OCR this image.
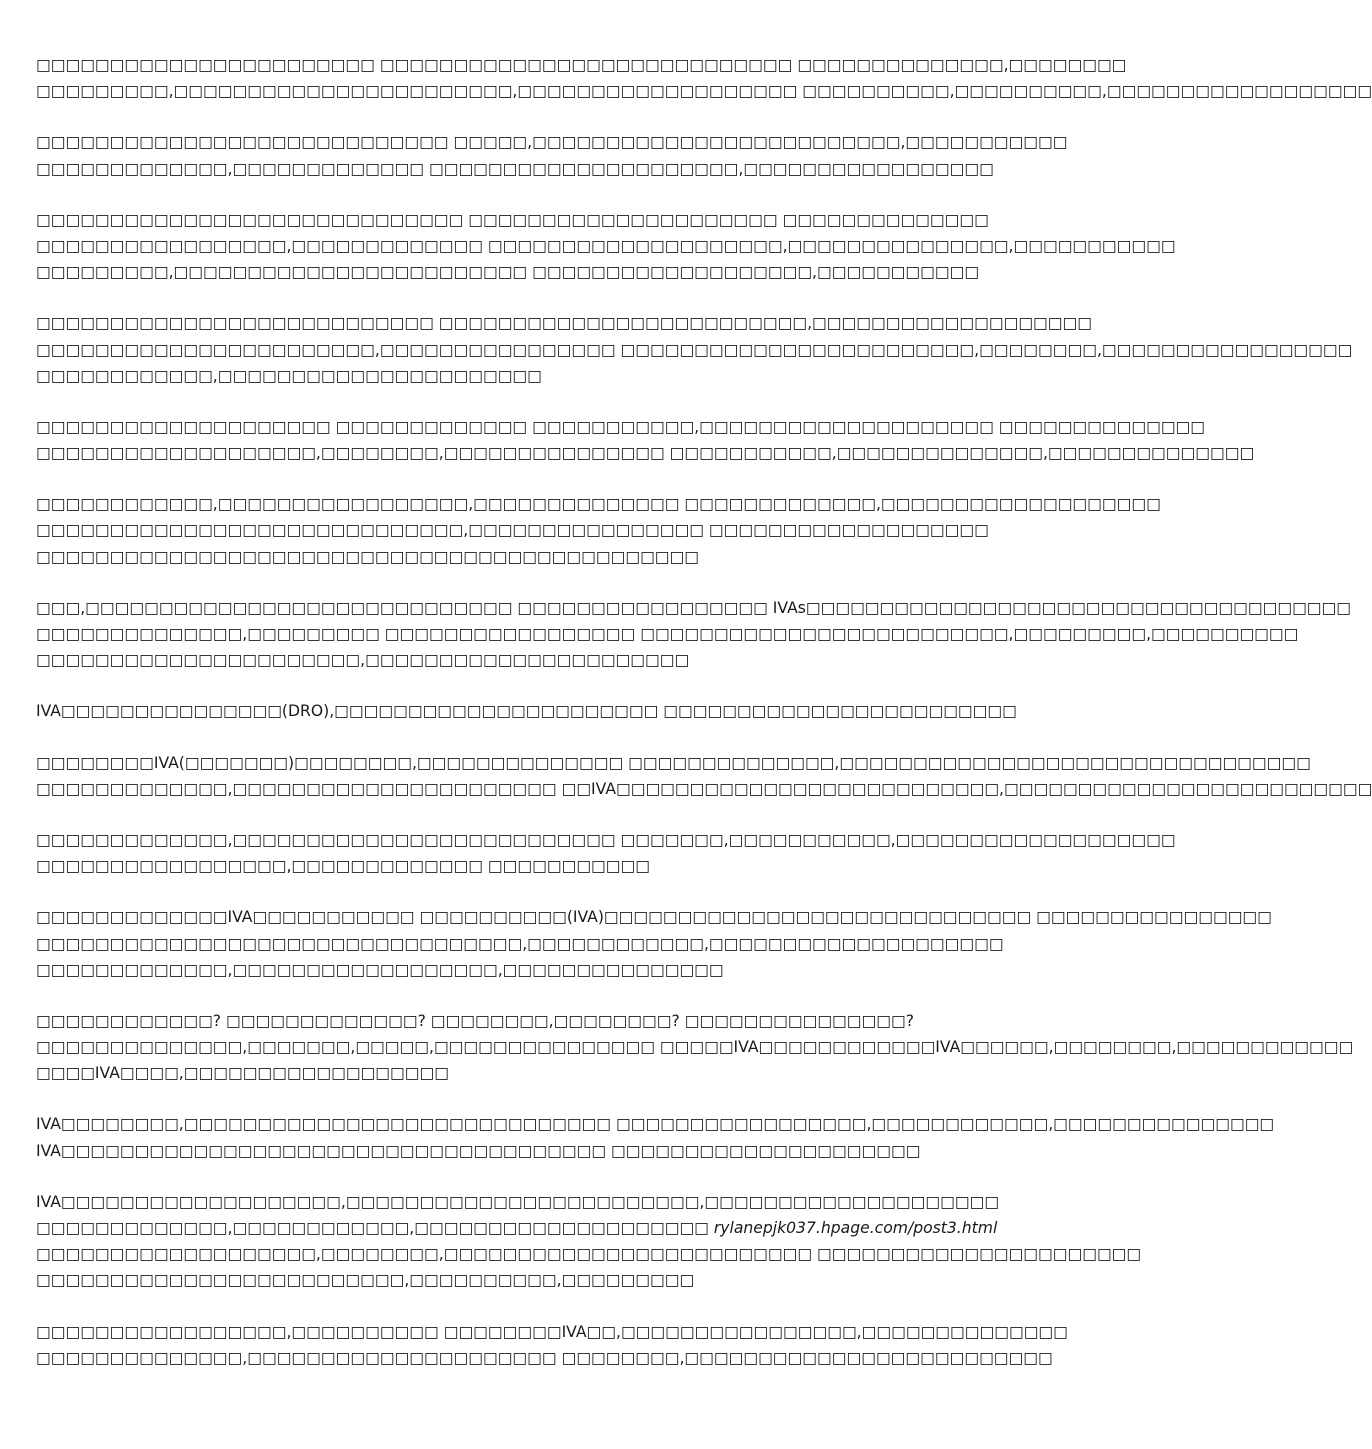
□□□□□□□□□□□□□□□□□□□□□□□ □□□□□□□□□□□□□□□□□□□□□□□□□□□□ □□□□□□□□□□□□□□,□□□□□□□□
□□□□□□□□□,□□□□□□□□□□□□□□□□□□□□□□□,□□□□□□□□□□□□□□□□□□□ □□□□□□□□□□,□□□□□□□□□□,□□□□□□□□□□□□□□□□□□
□□□□□□□□□□□□□□□□□□□□□□□□□□□□ □□□□□,□□□□□□□□□□□□□□□□□□□□□□□□□,□□□□□□□□□□□
□□□□□□□□□□□□□,□□□□□□□□□□□□□ □□□□□□□□□□□□□□□□□□□□□,□□□□□□□□□□□□□□□□□
□□□□□□□□□□□□□□□□□□□□□□□□□□□□□ □□□□□□□□□□□□□□□□□□□□□ □□□□□□□□□□□□□□
□□□□□□□□□□□□□□□□□,□□□□□□□□□□□□□ □□□□□□□□□□□□□□□□□□□□,□□□□□□□□□□□□□□□,□□□□□□□□□□□
□□□□□□□□□,□□□□□□□□□□□□□□□□□□□□□□□□ □□□□□□□□□□□□□□□□□□□,□□□□□□□□□□□
□□□□□□□□□□□□□□□□□□□□□□□□□□□ □□□□□□□□□□□□□□□□□□□□□□□□□,□□□□□□□□□□□□□□□□□□□
□□□□□□□□□□□□□□□□□□□□□□□,□□□□□□□□□□□□□□□□ □□□□□□□□□□□□□□□□□□□□□□□□,□□□□□□□□,□□□□□□□□□□□□□□□□□
□□□□□□□□□□□□,□□□□□□□□□□□□□□□□□□□□□□
□□□□□□□□□□□□□□□□□□□□ □□□□□□□□□□□□□ □□□□□□□□□□□,□□□□□□□□□□□□□□□□□□□□ □□□□□□□□□□□□□□
□□□□□□□□□□□□□□□□□□□,□□□□□□□□,□□□□□□□□□□□□□□□ □□□□□□□□□□□,□□□□□□□□□□□□□□,□□□□□□□□□□□□□□
□□□□□□□□□□□□,□□□□□□□□□□□□□□□□□,□□□□□□□□□□□□□□ □□□□□□□□□□□□□,□□□□□□□□□□□□□□□□□□□
□□□□□□□□□□□□□□□□□□□□□□□□□□□□□,□□□□□□□□□□□□□□□□ □□□□□□□□□□□□□□□□□□□
□□□□□□□□□□□□□□□□□□□□□□□□□□□□□□□□□□□□□□□□□□□□□
□□□,□□□□□□□□□□□□□□□□□□□□□□□□□□□□□ □□□□□□□□□□□□□□□□□ IVAs□□□□□□□□□□□□□□□□□□□□□□□□□□□□□□□□□□□□□
□□□□□□□□□□□□□□,□□□□□□□□□ □□□□□□□□□□□□□□□□□ □□□□□□□□□□□□□□□□□□□□□□□□□,□□□□□□□□□,□□□□□□□□□□
□□□□□□□□□□□□□□□□□□□□□□,□□□□□□□□□□□□□□□□□□□□□□
IVA□□□□□□□□□□□□□□□(DRO),□□□□□□□□□□□□□□□□□□□□□□ □□□□□□□□□□□□□□□□□□□□□□□□
□□□□□□□□IVA(□□□□□□□)□□□□□□□□,□□□□□□□□□□□□□□ □□□□□□□□□□□□□□,□□□□□□□□□□□□□□□□□□□□□□□□□□□□□□□□
□□□□□□□□□□□□□,□□□□□□□□□□□□□□□□□□□□□□ □□IVA□□□□□□□□□□□□□□□□□□□□□□□□□□,□□□□□□□□□□□□□□□□□□□□□□□□□
□□□□□□□□□□□□□,□□□□□□□□□□□□□□□□□□□□□□□□□□ □□□□□□□,□□□□□□□□□□□,□□□□□□□□□□□□□□□□□□□
□□□□□□□□□□□□□□□□□,□□□□□□□□□□□□□ □□□□□□□□□□□
□□□□□□□□□□□□□IVA□□□□□□□□□□□ □□□□□□□□□□(IVA)□□□□□□□□□□□□□□□□□□□□□□□□□□□□□ □□□□□□□□□□□□□□□□
□□□□□□□□□□□□□□□□□□□□□□□□□□□□□□□□□,□□□□□□□□□□□□,□□□□□□□□□□□□□□□□□□□□
□□□□□□□□□□□□□,□□□□□□□□□□□□□□□□□□,□□□□□□□□□□□□□□□
□□□□□□□□□□□□? □□□□□□□□□□□□□? □□□□□□□□,□□□□□□□□? □□□□□□□□□□□□□□□?
□□□□□□□□□□□□□□,□□□□□□□,□□□□□,□□□□□□□□□□□□□□□ □□□□□IVA□□□□□□□□□□□□IVA□□□□□□,□□□□□□□□,□□□□□□□□□□□□
□□□□IVA□□□□,□□□□□□□□□□□□□□□□□□
IVA□□□□□□□□,□□□□□□□□□□□□□□□□□□□□□□□□□□□□□ □□□□□□□□□□□□□□□□□,□□□□□□□□□□□□,□□□□□□□□□□□□□□□
IVA□□□□□□□□□□□□□□□□□□□□□□□□□□□□□□□□□□□□□ □□□□□□□□□□□□□□□□□□□□□
IVA□□□□□□□□□□□□□□□□□□□,□□□□□□□□□□□□□□□□□□□□□□□□,□□□□□□□□□□□□□□□□□□□□
□□□□□□□□□□□□□,□□□□□□□□□□□□,□□□□□□□□□□□□□□□□□□□□ rylanepjk037.hpage.com/post3.html
□□□□□□□□□□□□□□□□□□□,□□□□□□□□,□□□□□□□□□□□□□□□□□□□□□□□□□ □□□□□□□□□□□□□□□□□□□□□□
□□□□□□□□□□□□□□□□□□□□□□□□□,□□□□□□□□□□,□□□□□□□□□
□□□□□□□□□□□□□□□□□,□□□□□□□□□□ □□□□□□□□IVA□□,□□□□□□□□□□□□□□□□,□□□□□□□□□□□□□□
□□□□□□□□□□□□□□,□□□□□□□□□□□□□□□□□□□□□ □□□□□□□□,□□□□□□□□□□□□□□□□□□□□□□□□□
